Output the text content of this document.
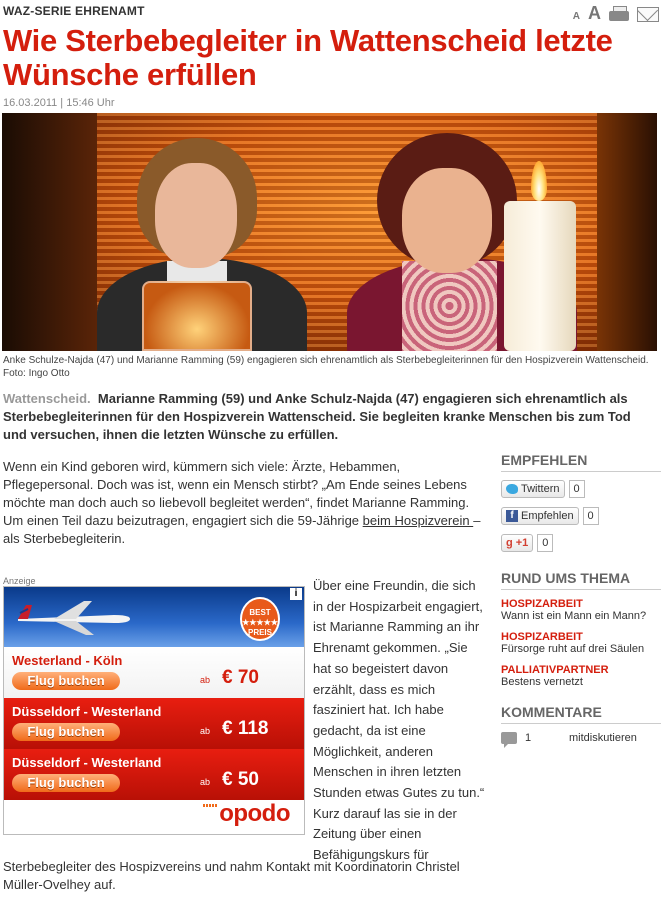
WAZ-SERIE EHRENAMT	A A
Wie Sterbebegleiter in Wattenscheid letzte Wünsche erfüllen
16.03.2011 | 15:46 Uhr
Anke Schulze-Najda (47) und Marianne Ramming (59) engagieren sich ehrenamtlich als Sterbebegleiterinnen für den Hospizverein Wattenscheid. Foto: Ingo Otto

Wattenscheid. Marianne Ramming (59) und Anke Schulz-Najda (47) engagieren sich ehrenamtlich als Sterbebegleiterinnen für den Hospizverein Wattenscheid. Sie begleiten kranke Menschen bis zum Tod und versuchen, ihnen die letzten Wünsche zu erfüllen.

Wenn ein Kind geboren wird, kümmern sich viele: Ärzte, Hebammen, Pflegepersonal. Doch was ist, wenn ein Mensch stirbt? „Am Ende seines Lebens möchte man doch auch so liebevoll begleitet werden“, findet Marianne Ramming. Um einen Teil dazu beizutragen, engagiert sich die 59-Jährige beim Hospizverein – als Sterbebegleiterin.

Anzeige
BEST
★★★★★
PREIS
i
Westerland - Köln
Flug buchen	ab € 70
Düsseldorf - Westerland
Flug buchen	ab € 118
Düsseldorf - Westerland
Flug buchen	ab € 50
opodo

Über eine Freundin, die sich in der Hospizarbeit engagiert, ist Marianne Ramming an ihr Ehrenamt gekommen. „Sie hat so begeistert davon erzählt, dass es mich fasziniert hat. Ich habe gedacht, da ist eine Möglichkeit, anderen Menschen in ihren letzten Stunden etwas Gutes zu tun.“ Kurz darauf las sie in der Zeitung über einen Befähigungskurs für

Sterbebegleiter des Hospizvereins und nahm Kontakt mit Koordinatorin Christel Müller-Ovelhey auf.

EMPFEHLEN
Twittern	0
f Empfehlen	0
g +1	0
RUND UMS THEMA
HOSPIZARBEIT
Wann ist ein Mann ein Mann?
HOSPIZARBEIT
Fürsorge ruht auf drei Säulen
PALLIATIVPARTNER
Bestens vernetzt
KOMMENTARE
1	mitdiskutieren
